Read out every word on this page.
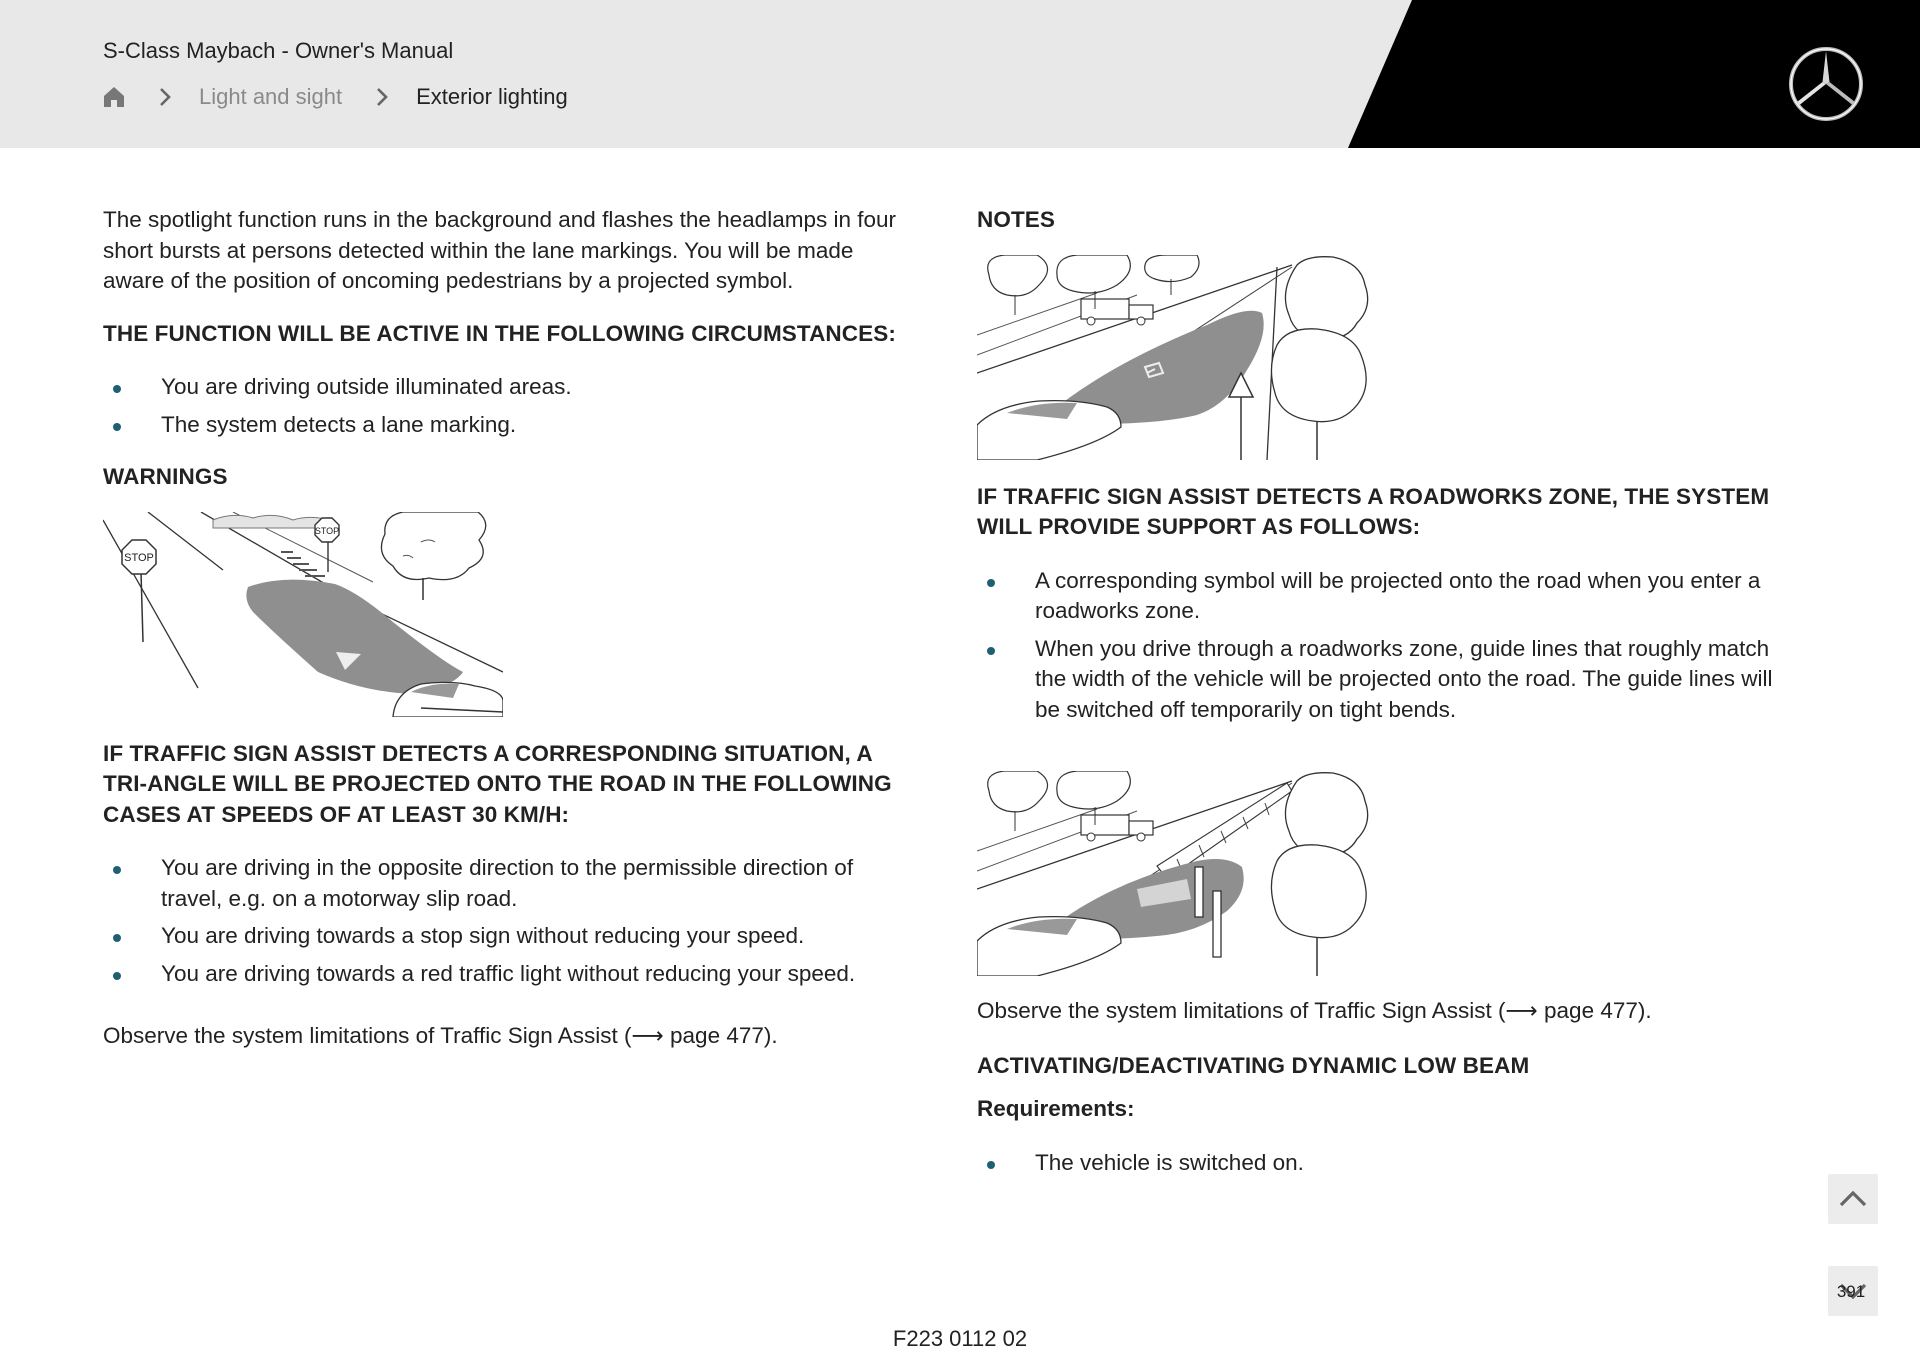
S-Class Maybach - Owner's Manual
Light and sight	Exterior lighting

The spotlight function runs in the background and flashes the headlamps in four short bursts at persons detected within the lane markings. You will be made aware of the position of oncoming pedestrians by a projected symbol.

THE FUNCTION WILL BE ACTIVE IN THE FOLLOWING CIRCUMSTANCES:
You are driving outside illuminated areas.
The system detects a lane marking.
WARNINGS
STOP
STOP
IF TRAFFIC SIGN ASSIST DETECTS A CORRESPONDING SITUATION, A TRI-ANGLE WILL BE PROJECTED ONTO THE ROAD IN THE FOLLOWING CASES AT SPEEDS OF AT LEAST 30 KM/H:
You are driving in the opposite direction to the permissible direction of travel, e.g. on a motorway slip road.
You are driving towards a stop sign without reducing your speed.
You are driving towards a red traffic light without reducing your speed.

Observe the system limitations of Traffic Sign Assist (⟶ page 477).

NOTES
IF TRAFFIC SIGN ASSIST DETECTS A ROADWORKS ZONE, THE SYSTEM WILL PROVIDE SUPPORT AS FOLLOWS:
A corresponding symbol will be projected onto the road when you enter a roadworks zone.
When you drive through a roadworks zone, guide lines that roughly match the width of the vehicle will be projected onto the road. The guide lines will be switched off temporarily on tight bends.

Observe the system limitations of Traffic Sign Assist (⟶ page 477).

ACTIVATING/DEACTIVATING DYNAMIC LOW BEAM

Requirements:

The vehicle is switched on.
391
F223 0112 02
